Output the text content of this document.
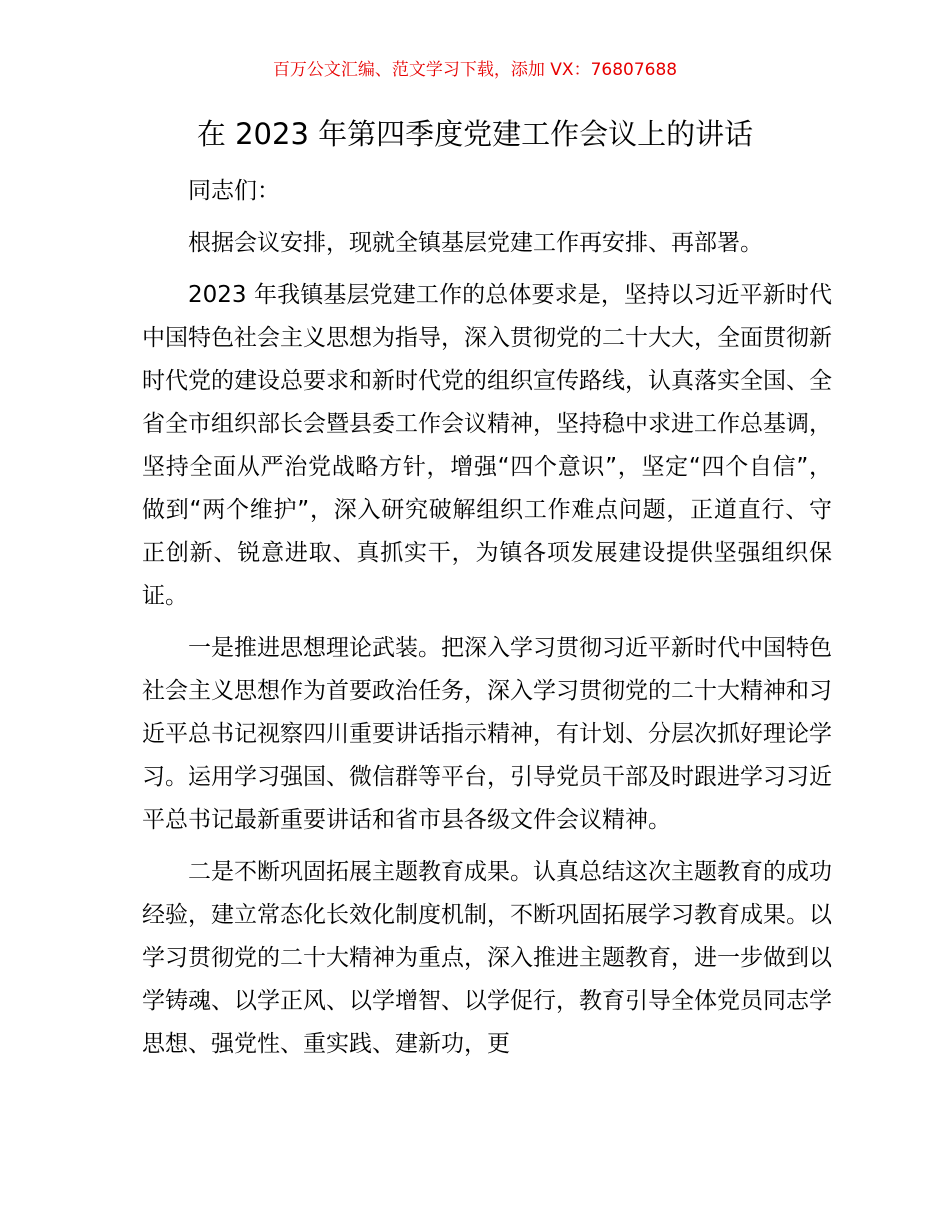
百万公文汇编、范文学习下载，添加 VX：76807688
在 2023 年第四季度党建工作会议上的讲话

同志们：

根据会议安排，现就全镇基层党建工作再安排、再部署。

2023 年我镇基层党建工作的总体要求是，坚持以习近平新时代中国特色社会主义思想为指导，深入贯彻党的二十大大，全面贯彻新时代党的建设总要求和新时代党的组织宣传路线，认真落实全国、全省全市组织部长会暨县委工作会议精神，坚持稳中求进工作总基调，坚持全面从严治党战略方针，增强“四个意识”，坚定“四个自信”，做到“两个维护”，深入研究破解组织工作难点问题，正道直行、守正创新、锐意进取、真抓实干，为镇各项发展建设提供坚强组织保证。

一是推进思想理论武装。把深入学习贯彻习近平新时代中国特色社会主义思想作为首要政治任务，深入学习贯彻党的二十大精神和习近平总书记视察四川重要讲话指示精神，有计划、分层次抓好理论学习。运用学习强国、微信群等平台，引导党员干部及时跟进学习习近平总书记最新重要讲话和省市县各级文件会议精神。

二是不断巩固拓展主题教育成果。认真总结这次主题教育的成功经验，建立常态化长效化制度机制，不断巩固拓展学习教育成果。以学习贯彻党的二十大精神为重点，深入推进主题教育，进一步做到以学铸魂、以学正风、以学增智、以学促行，教育引导全体党员同志学思想、强党性、重实践、建新功，更
